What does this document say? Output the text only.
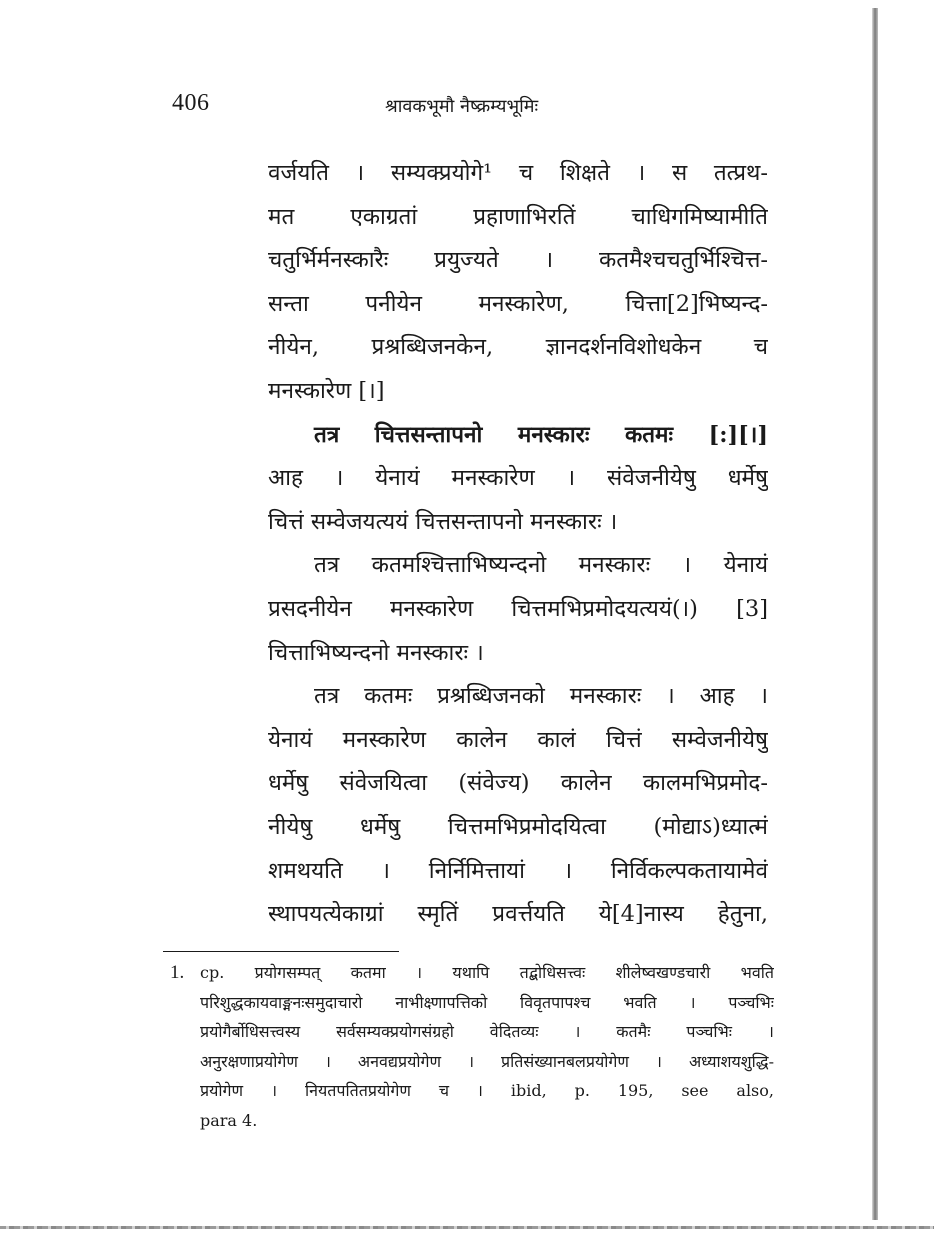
406	श्रावकभूमौ नैष्क्रम्यभूमिः
वर्जयति । सम्यक्प्रयोगे¹ च शिक्षते । स तत्प्रथ-
मत एकाग्रतां प्रहाणाभिरतिं चाधिगमिष्यामीति
चतुर्भिर्मनस्कारैः प्रयुज्यते । कतमैश्चचतुर्भिश्चित्त-
सन्ता पनीयेन मनस्कारेण, चित्ता[2]भिष्यन्द-
नीयेन, प्रश्रब्धिजनकेन, ज्ञानदर्शनविशोधकेन च
मनस्कारेण [।]
तत्र चित्तसन्तापनो मनस्कारः कतमः [:][।]
आह । येनायं मनस्कारेण । संवेजनीयेषु धर्मेषु
चित्तं सम्वेजयत्ययं चित्तसन्तापनो मनस्कारः ।
तत्र कतमश्चित्ताभिष्यन्दनो मनस्कारः । येनायं
प्रसदनीयेन मनस्कारेण चित्तमभिप्रमोदयत्ययं(।) [3]
चित्ताभिष्यन्दनो मनस्कारः ।
तत्र कतमः प्रश्रब्धिजनको मनस्कारः । आह ।
येनायं मनस्कारेण कालेन कालं चित्तं सम्वेजनीयेषु
धर्मेषु संवेजयित्वा (संवेज्य) कालेन कालमभिप्रमोद-
नीयेषु धर्मेषु चित्तमभिप्रमोदयित्वा (मोद्याऽ)ध्यात्मं
शमथयति । निर्निमित्तायां । निर्विकल्पकतायामेवं
स्थापयत्येकाग्रां स्मृतिं प्रवर्त्तयति ये[4]नास्य हेतुना,
1. cp. प्रयोगसम्पत् कतमा । यथापि तद्बोधिसत्त्वः शीलेष्वखण्डचारी भवति
परिशुद्धकायवाङ्मनःसमुदाचारो नाभीक्ष्णापत्तिको विवृतपापश्च भवति । पञ्चभिः
प्रयोगैर्बोधिसत्त्वस्य सर्वसम्यक्प्रयोगसंग्रहो वेदितव्यः । कतमैः पञ्चभिः ।
अनुरक्षणाप्रयोगेण । अनवद्यप्रयोगेण । प्रतिसंख्यानबलप्रयोगेण । अध्याशयशुद्धि-
प्रयोगेण । नियतपतितप्रयोगेण च । ibid, p. 195, see also,
para 4.
